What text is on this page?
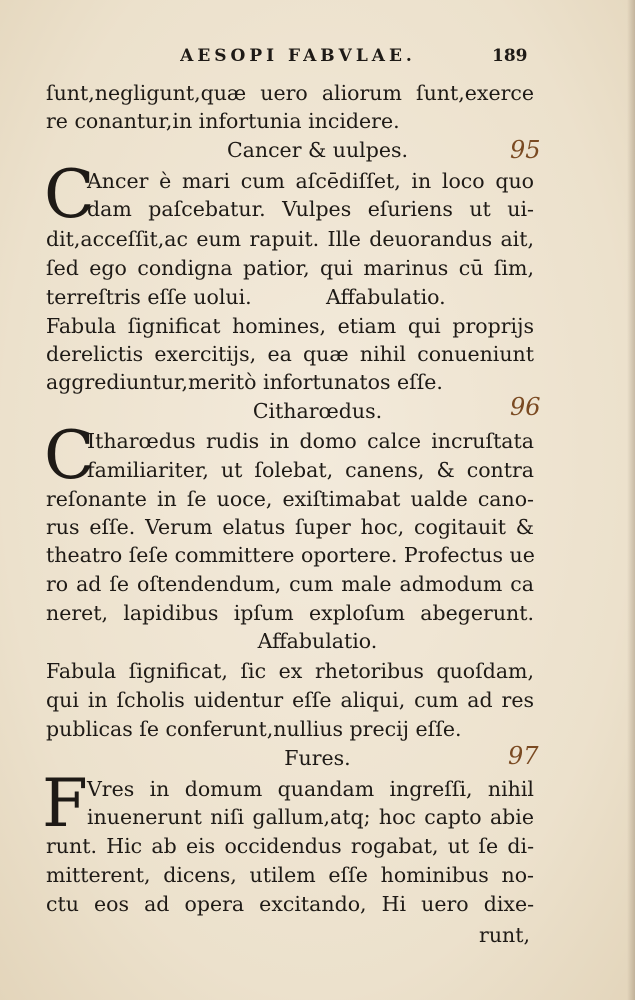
AESOPI FABVLAE.	189
ſunt,negligunt,quæ uero aliorum ſunt,exerce
re conantur,in infortunia incidere.
Cancer & uulpes.	95
C
Ancer è mari cum aſcēdiſſet, in loco quo
dam paſcebatur. Vulpes eſuriens ut ui-
dit,acceſſit,ac eum rapuit. Ille deuorandus ait,
ſed ego condigna patior, qui marinus cū ſim,
terreſtris eſſe uolui.	Affabulatio.
Fabula ſignificat homines, etiam qui proprijs
derelictis exercitijs, ea quæ nihil conueniunt
aggrediuntur,meritò infortunatos eſſe.
Citharœdus.	96
C
Itharœdus rudis in domo calce incruſtata
familiariter, ut ſolebat, canens, & contra
reſonante in ſe uoce, exiſtimabat ualde cano-
rus eſſe. Verum elatus ſuper hoc, cogitauit &
theatro ſeſe committere oportere. Profectus ue
ro ad ſe oſtendendum, cum male admodum ca
neret, lapidibus ipſum exploſum abegerunt.
Affabulatio.
Fabula ſignificat, ſic ex rhetoribus quoſdam,
qui in ſcholis uidentur eſſe aliqui, cum ad res
publicas ſe conferunt,nullius precij eſſe.
Fures.	97
F Vres in domum quandam ingreſſi, nihil
inuenerunt niſi gallum,atq; hoc capto abie
runt. Hic ab eis occidendus rogabat, ut ſe di-
mitterent, dicens, utilem eſſe hominibus no-
ctu eos ad opera excitando, Hi uero dixe-
runt,
